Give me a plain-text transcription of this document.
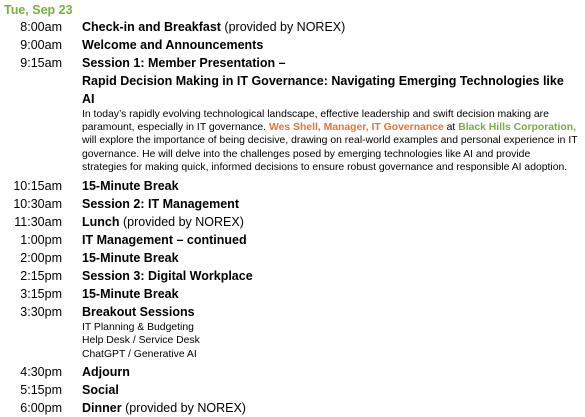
Tue, Sep 23
8:00am Check-in and Breakfast (provided by NOREX)
9:00am Welcome and Announcements
9:15am Session 1: Member Presentation –
Rapid Decision Making in IT Governance: Navigating Emerging Technologies like AI
In today’s rapidly evolving technological landscape, effective leadership and swift decision making are paramount, especially in IT governance. Wes Shell, Manager, IT Governance at Black Hills Corporation, will explore the importance of being decisive, drawing on real-world examples and personal experience in IT governance. He will delve into the challenges posed by emerging technologies like AI and provide strategies for making quick, informed decisions to ensure robust governance and responsible AI adoption.
10:15am 15-Minute Break
10:30am Session 2: IT Management
11:30am Lunch (provided by NOREX)
1:00pm IT Management – continued
2:00pm 15-Minute Break
2:15pm Session 3: Digital Workplace
3:15pm 15-Minute Break
3:30pm Breakout Sessions
IT Planning & Budgeting
Help Desk / Service Desk
ChatGPT / Generative AI
4:30pm Adjourn
5:15pm Social
6:00pm Dinner (provided by NOREX)
